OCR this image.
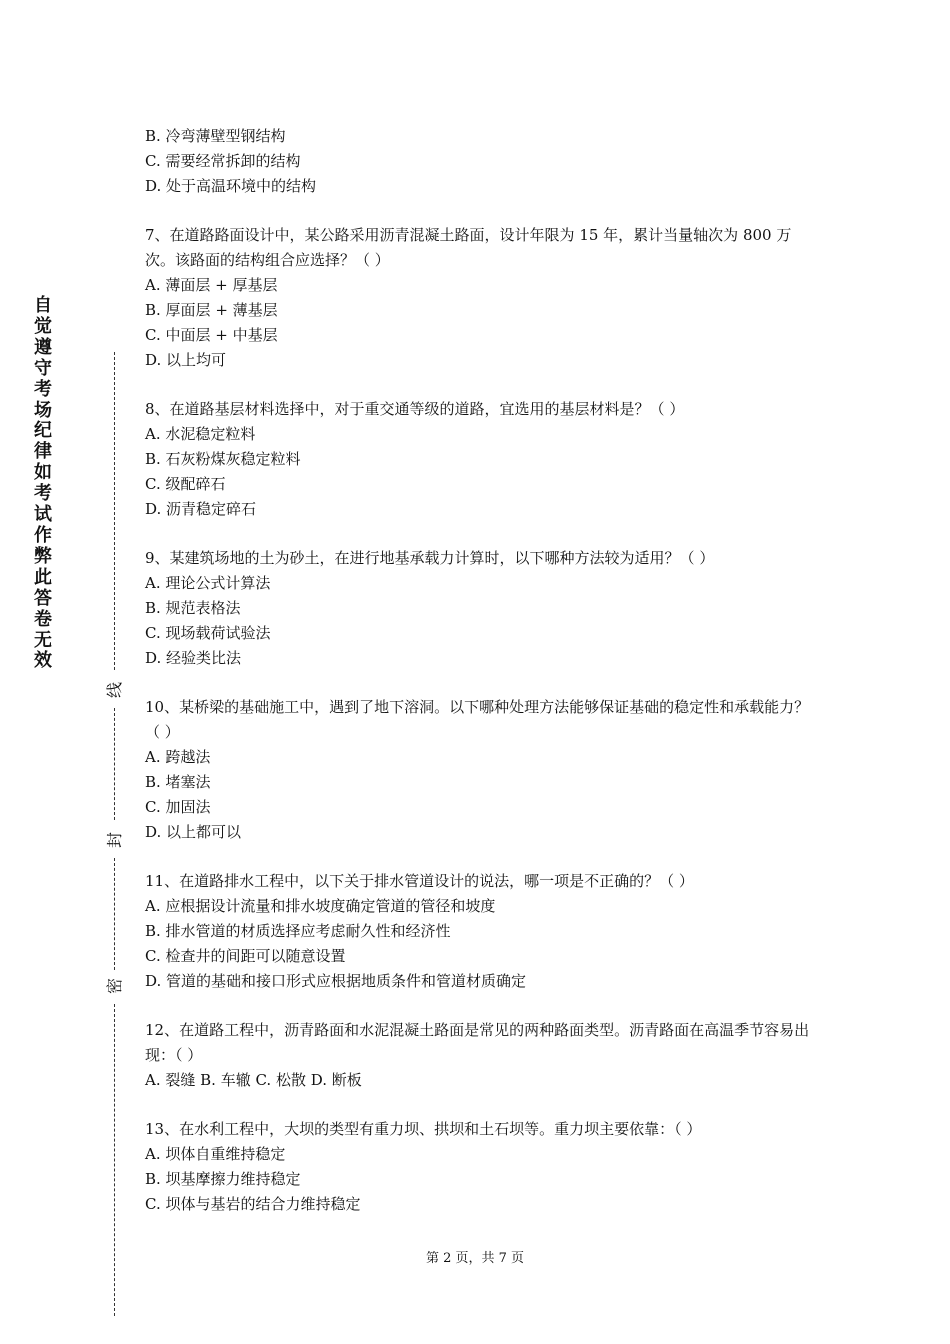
自觉遵守考场纪律如考试作弊此答卷无效
线
封
密
B. 冷弯薄壁型钢结构
C. 需要经常拆卸的结构
D. 处于高温环境中的结构
7、在道路路面设计中，某公路采用沥青混凝土路面，设计年限为 15 年，累计当量轴次为 800 万次。该路面的结构组合应选择？（ ）
A. 薄面层 + 厚基层
B. 厚面层 + 薄基层
C. 中面层 + 中基层
D. 以上均可
8、在道路基层材料选择中，对于重交通等级的道路，宜选用的基层材料是？（ ）
A. 水泥稳定粒料
B. 石灰粉煤灰稳定粒料
C. 级配碎石
D. 沥青稳定碎石
9、某建筑场地的土为砂土，在进行地基承载力计算时，以下哪种方法较为适用？（ ）
A. 理论公式计算法
B. 规范表格法
C. 现场载荷试验法
D. 经验类比法
10、某桥梁的基础施工中，遇到了地下溶洞。以下哪种处理方法能够保证基础的稳定性和承载能力？（ ）
A. 跨越法
B. 堵塞法
C. 加固法
D. 以上都可以
11、在道路排水工程中，以下关于排水管道设计的说法，哪一项是不正确的？（ ）
A. 应根据设计流量和排水坡度确定管道的管径和坡度
B. 排水管道的材质选择应考虑耐久性和经济性
C. 检查井的间距可以随意设置
D. 管道的基础和接口形式应根据地质条件和管道材质确定
12、在道路工程中，沥青路面和水泥混凝土路面是常见的两种路面类型。沥青路面在高温季节容易出现：（ ）
A. 裂缝 B. 车辙 C. 松散 D. 断板
13、在水利工程中，大坝的类型有重力坝、拱坝和土石坝等。重力坝主要依靠：（ ）
A. 坝体自重维持稳定
B. 坝基摩擦力维持稳定
C. 坝体与基岩的结合力维持稳定
第 2 页，共 7 页
